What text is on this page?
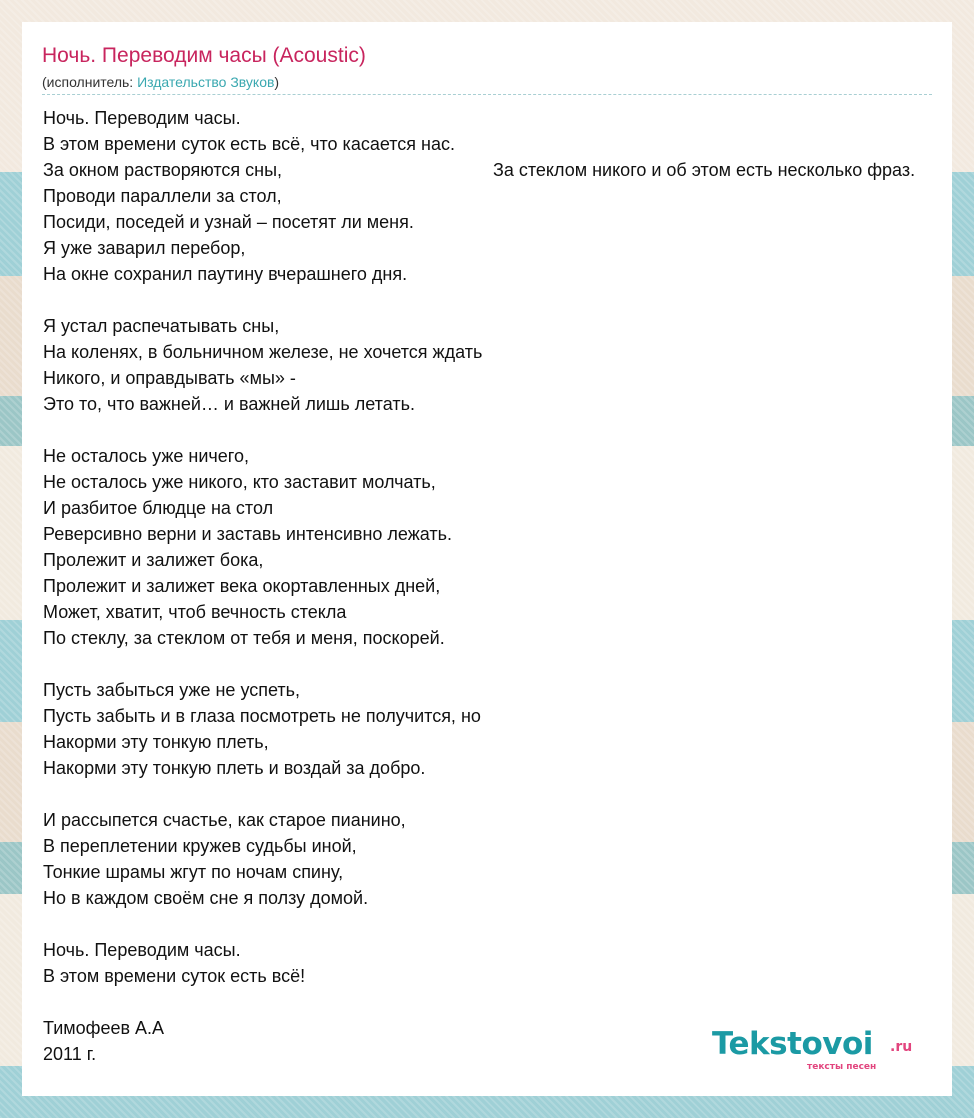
Ночь. Переводим часы (Acoustic)
(исполнитель: Издательство Звуков)
Ночь. Переводим часы.
В этом времени суток есть всё, что касается нас.
За окном растворяются сны,
Проводи параллели за стол,
Посиди, поседей и узнай – посетят ли меня.
Я уже заварил перебор,
На окне сохранил паутину вчерашнего дня.
Я устал распечатывать сны,
На коленях, в больничном железе, не хочется ждать
Никого, и оправдывать «мы» -
Это то, что важней… и важней лишь летать.
Не осталось уже ничего,
Не осталось уже никого, кто заставит молчать,
И разбитое блюдце на стол
Реверсивно верни и заставь интенсивно лежать.
Пролежит и залижет бока,
Пролежит и залижет века окортавленных дней,
Может, хватит, чтоб вечность стекла
По стеклу, за стеклом от тебя и меня, поскорей.
Пусть забыться уже не успеть,
Пусть забыть и в глаза посмотреть не получится, но
Накорми эту тонкую плеть,
Накорми эту тонкую плеть и воздай за добро.
И рассыпется счастье, как старое пианино,
В переплетении кружев судьбы иной,
Тонкие шрамы жгут по ночам спину,
Но в каждом своём сне я ползу домой.
Ночь. Переводим часы.
В этом времени суток есть всё!
Тимофеев А.А
2011 г.
За стеклом никого и об этом есть несколько фраз.
Tekstovoi .ru
тексты песен
